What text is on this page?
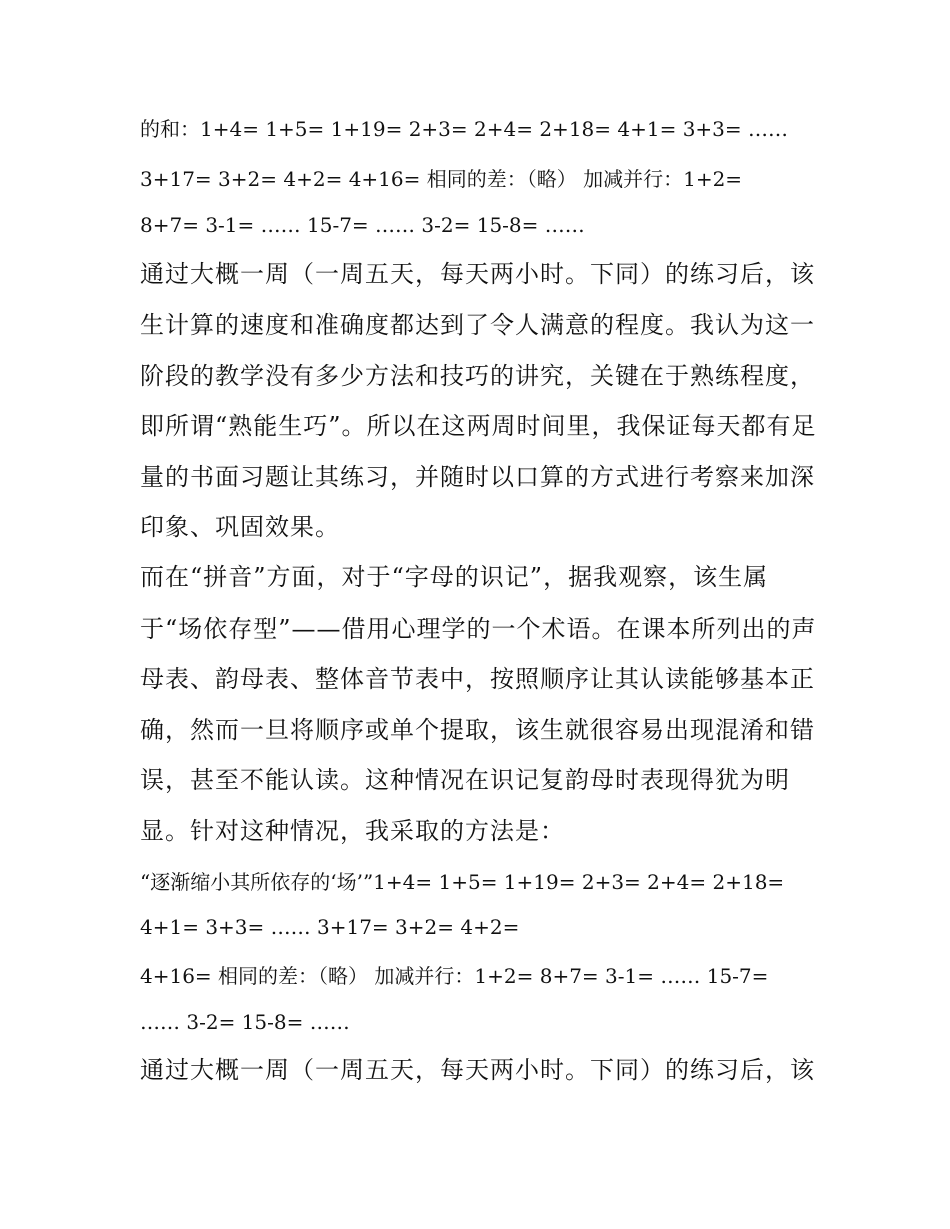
的和：1+4= 1+5= 1+19= 2+3= 2+4= 2+18= 4+1= 3+3= ……
3+17= 3+2= 4+2= 4+16= 相同的差：（略） 加减并行：1+2=
8+7= 3-1= …… 15-7= …… 3-2= 15-8= ……
通过大概一周（一周五天，每天两小时。下同）的练习后，该
生计算的速度和准确度都达到了令人满意的程度。我认为这一
阶段的教学没有多少方法和技巧的讲究，关键在于熟练程度，
即所谓“熟能生巧”。所以在这两周时间里，我保证每天都有足
量的书面习题让其练习，并随时以口算的方式进行考察来加深
印象、巩固效果。
而在“拼音”方面，对于“字母的识记”，据我观察，该生属
于“场依存型”——借用心理学的一个术语。在课本所列出的声
母表、韵母表、整体音节表中，按照顺序让其认读能够基本正
确，然而一旦将顺序或单个提取，该生就很容易出现混淆和错
误，甚至不能认读。这种情况在识记复韵母时表现得犹为明
显。针对这种情况，我采取的方法是：
“逐渐缩小其所依存的‘场’”1+4= 1+5= 1+19= 2+3= 2+4= 2+18=
4+1= 3+3= …… 3+17= 3+2= 4+2=
4+16= 相同的差：（略） 加减并行：1+2= 8+7= 3-1= …… 15-7=
…… 3-2= 15-8= ……
通过大概一周（一周五天，每天两小时。下同）的练习后，该
